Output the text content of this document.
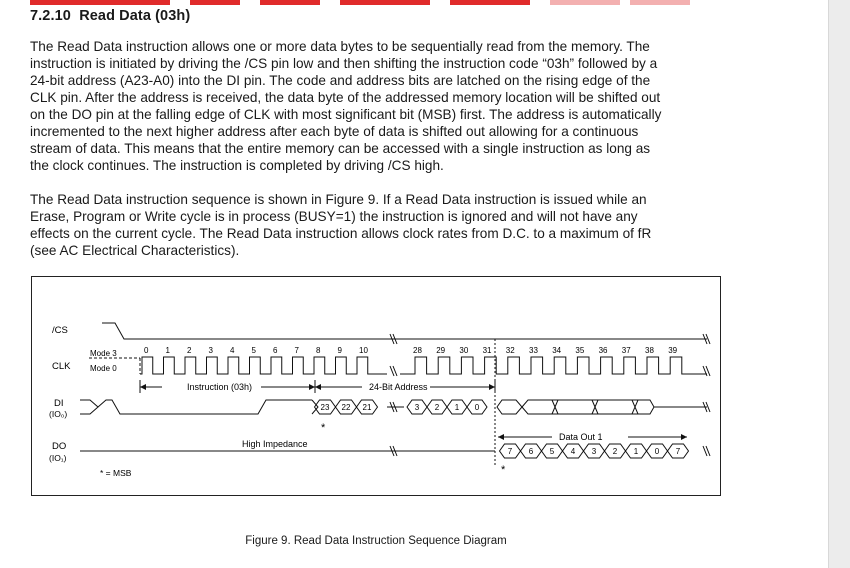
7.2.10 Read Data (03h)
The Read Data instruction allows one or more data bytes to be sequentially read from the memory. The
instruction is initiated by driving the /CS pin low and then shifting the instruction code “03h” followed by a
24-bit address (A23-A0) into the DI pin. The code and address bits are latched on the rising edge of the
CLK pin. After the address is received, the data byte of the addressed memory location will be shifted out
on the DO pin at the falling edge of CLK with most significant bit (MSB) first. The address is automatically
incremented to the next higher address after each byte of data is shifted out allowing for a continuous
stream of data. This means that the entire memory can be accessed with a single instruction as long as
the clock continues. The instruction is completed by driving /CS high.
The Read Data instruction sequence is shown in Figure 9. If a Read Data instruction is issued while an
Erase, Program or Write cycle is in process (BUSY=1) the instruction is ignored and will not have any
effects on the current cycle. The Read Data instruction allows clock rates from D.C. to a maximum of fR
(see AC Electrical Characteristics).
23 22 21	3 2 1 0
7 6 5 4 3 2 1 0 7
0 1 2 3 4 5 6 7 8 9 10	28 29 30 31 32 33 34 35 36 37 38 39
/CS
CLK
DI
(IO₀)
DO
(IO₁)
Mode 3
Mode 0
Instruction (03h)	24-Bit Address
High Impedance
Data Out 1
* = MSB
*
*
Figure 9. Read Data Instruction Sequence Diagram
